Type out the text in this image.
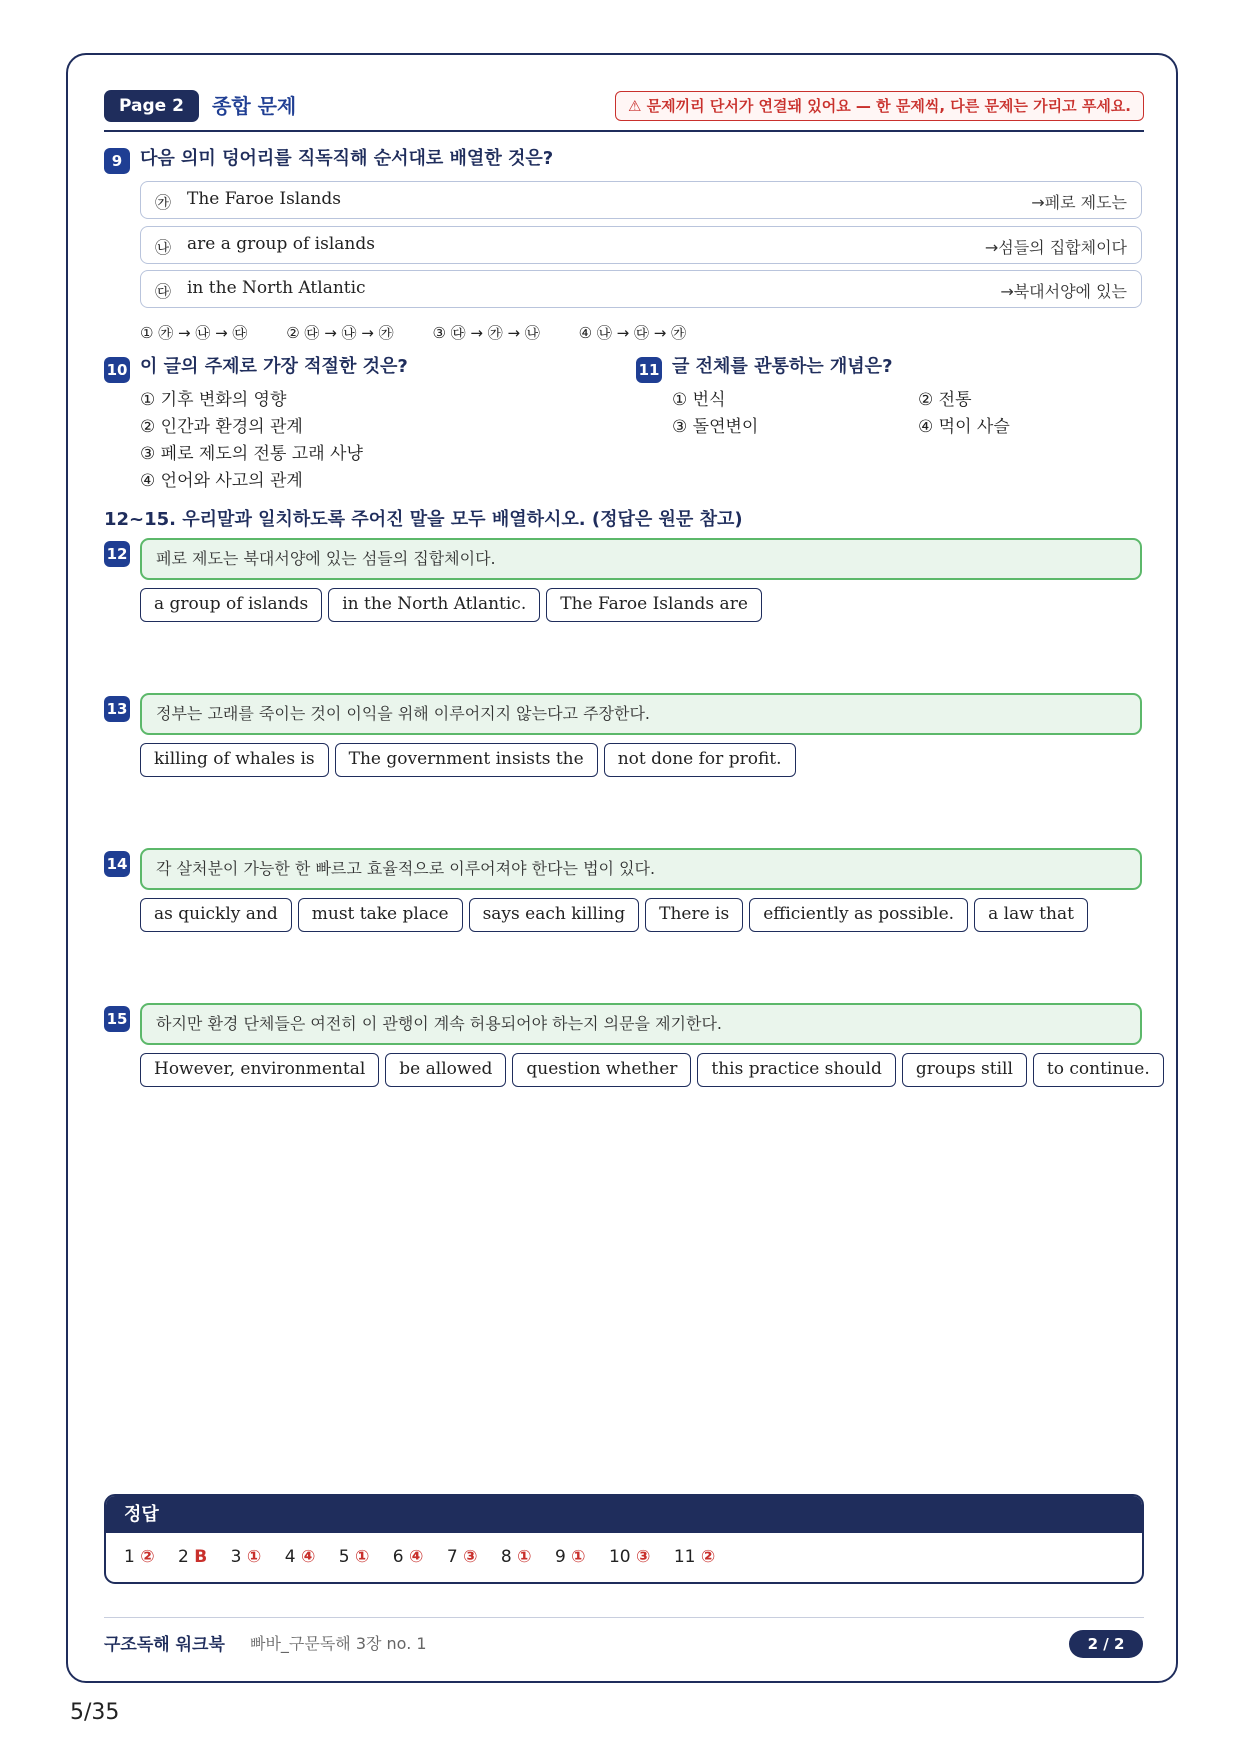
Page 2	종합 문제	⚠ 문제끼리 단서가 연결돼 있어요 — 한 문제씩, 다른 문제는 가리고 푸세요.
9 다음 의미 덩어리를 직독직해 순서대로 배열한 것은?
㉮ The Faroe Islands	→페로 제도는
㉯ are a group of islands	→섬들의 집합체이다
㉰ in the North Atlantic	→북대서양에 있는
① ㉮ → ㉯ → ㉰	② ㉰ → ㉯ → ㉮	③ ㉰ → ㉮ → ㉯	④ ㉯ → ㉰ → ㉮
10 이 글의 주제로 가장 적절한 것은?
① 기후 변화의 영향
② 인간과 환경의 관계
③ 페로 제도의 전통 고래 사냥
④ 언어와 사고의 관계
11 글 전체를 관통하는 개념은?
① 번식	② 전통
③ 돌연변이	④ 먹이 사슬
12~15. 우리말과 일치하도록 주어진 말을 모두 배열하시오. (정답은 원문 참고)
12	페로 제도는 북대서양에 있는 섬들의 집합체이다.
a group of islands	in the North Atlantic.	The Faroe Islands are
13	정부는 고래를 죽이는 것이 이익을 위해 이루어지지 않는다고 주장한다.
killing of whales is	The government insists the	not done for profit.
14	각 살처분이 가능한 한 빠르고 효율적으로 이루어져야 한다는 법이 있다.
as quickly and	must take place	says each killing	There is	efficiently as possible.	a law that
15	하지만 환경 단체들은 여전히 이 관행이 계속 허용되어야 하는지 의문을 제기한다.
However, environmental	be allowed	question whether	this practice should	groups still	to continue.
정답
1 ② 2 B 3 ① 4 ④ 5 ① 6 ④ 7 ③ 8 ① 9 ① 10 ③ 11 ②
구조독해 워크북 빠바_구문독해 3장 no. 1	2 / 2
5/35
